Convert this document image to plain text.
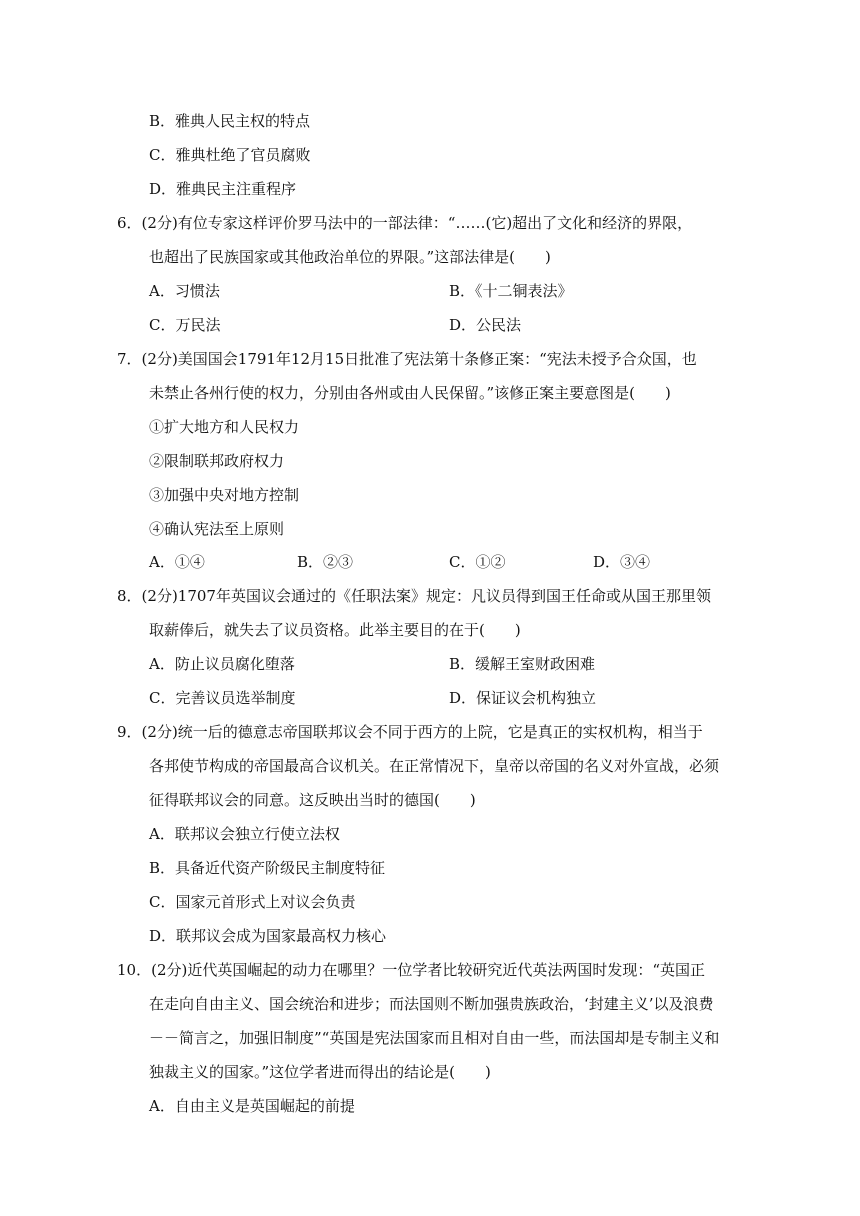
B．雅典人民主权的特点
C．雅典杜绝了官员腐败
D．雅典民主注重程序
6．(2分)有位专家这样评价罗马法中的一部法律：“……(它)超出了文化和经济的界限，
也超出了民族国家或其他政治单位的界限。”这部法律是(　　)
A．习惯法	B．《十二铜表法》
C．万民法	D．公民法
7．(2分)美国国会1791年12月15日批准了宪法第十条修正案：“宪法未授予合众国，也
未禁止各州行使的权力，分别由各州或由人民保留。”该修正案主要意图是(　　)
①扩大地方和人民权力
②限制联邦政府权力
③加强中央对地方控制
④确认宪法至上原则
A．①④	B．②③	C．①②	D．③④
8．(2分)1707年英国议会通过的《任职法案》规定：凡议员得到国王任命或从国王那里领
取薪俸后，就失去了议员资格。此举主要目的在于(　　)
A．防止议员腐化堕落	B．缓解王室财政困难
C．完善议员选举制度	D．保证议会机构独立
9．(2分)统一后的德意志帝国联邦议会不同于西方的上院，它是真正的实权机构，相当于
各邦使节构成的帝国最高合议机关。在正常情况下，皇帝以帝国的名义对外宣战，必须
征得联邦议会的同意。这反映出当时的德国(　　)
A．联邦议会独立行使立法权
B．具备近代资产阶级民主制度特征
C．国家元首形式上对议会负责
D．联邦议会成为国家最高权力核心
10．(2分)近代英国崛起的动力在哪里？一位学者比较研究近代英法两国时发现：“英国正
在走向自由主义、国会统治和进步；而法国则不断加强贵族政治，‘封建主义’以及浪费
－－简言之，加强旧制度”“英国是宪法国家而且相对自由一些，而法国却是专制主义和
独裁主义的国家。”这位学者进而得出的结论是(　　)
A．自由主义是英国崛起的前提
